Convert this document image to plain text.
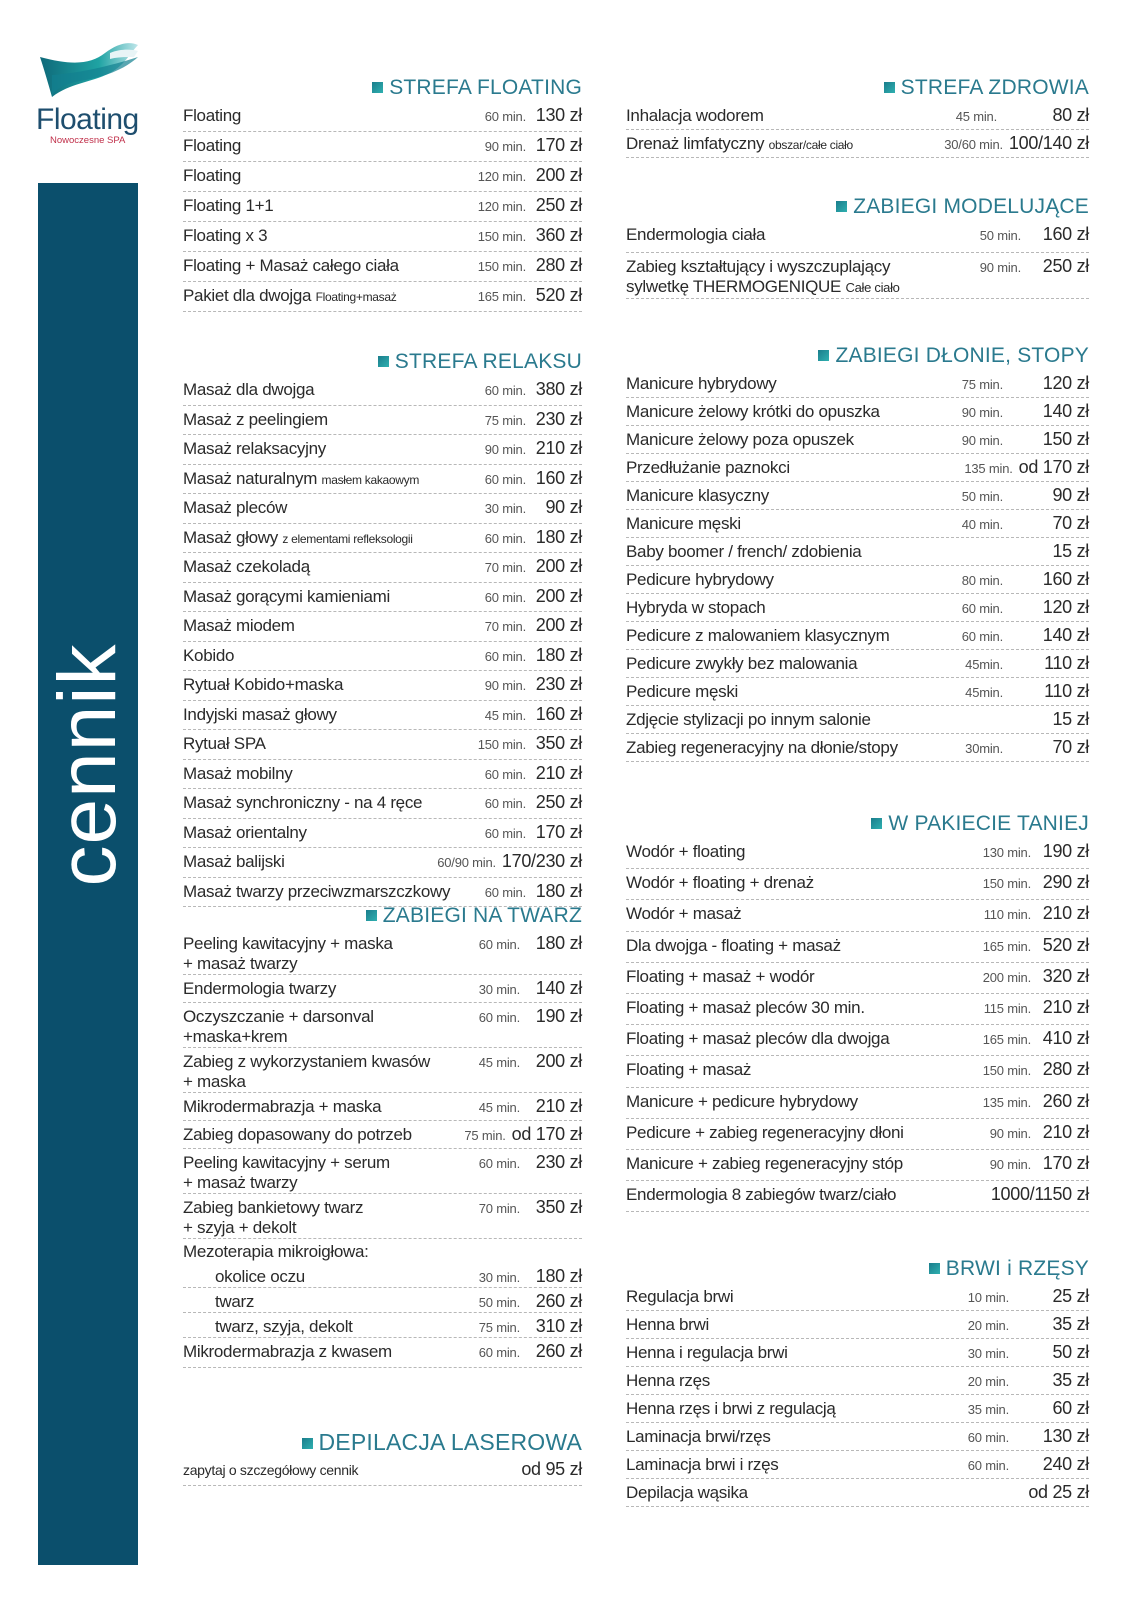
Floating
Nowoczesne SPA
cennik
STREFA FLOATING
Floating	60 min. 130 zł
Floating	90 min. 170 zł
Floating	120 min. 200 zł
Floating 1+1	120 min. 250 zł
Floating x 3	150 min. 360 zł
Floating + Masaż całego ciała	150 min. 280 zł
Pakiet dla dwojga Floating+masaż	165 min. 520 zł
STREFA RELAKSU
Masaż dla dwojga	60 min. 380 zł
Masaż z peelingiem	75 min. 230 zł
Masaż relaksacyjny	90 min. 210 zł
Masaż naturalnym masłem kakaowym	60 min. 160 zł
Masaż pleców	30 min.	90 zł
Masaż głowy z elementami refleksologii	60 min. 180 zł
Masaż czekoladą	70 min. 200 zł
Masaż gorącymi kamieniami	60 min. 200 zł
Masaż miodem	70 min. 200 zł
Kobido	60 min. 180 zł
Rytuał Kobido+maska	90 min. 230 zł
Indyjski masaż głowy	45 min. 160 zł
Rytuał SPA	150 min. 350 zł
Masaż mobilny	60 min. 210 zł
Masaż synchroniczny - na 4 ręce	60 min. 250 zł
Masaż orientalny	60 min. 170 zł
Masaż balijski	60/90 min. 170/230 zł
Masaż twarzy przeciwzmarszczkowy	60 min. 180 zł
ZABIEGI NA TWARZ
Peeling kawitacyjny + maska
+ masaż twarzy
60 min. 180 zł
Endermologia twarzy	30 min. 140 zł
Oczyszczanie + darsonval
+maska+krem
60 min. 190 zł
Zabieg z wykorzystaniem kwasów
+ maska
45 min. 200 zł
Mikrodermabrazja + maska	45 min. 210 zł
Zabieg dopasowany do potrzeb	75 min. od 170 zł
Peeling kawitacyjny + serum
+ masaż twarzy
60 min. 230 zł
Zabieg bankietowy twarz
+ szyja + dekolt
70 min. 350 zł
Mezoterapia mikroigłowa:
okolice oczu	30 min. 180 zł
twarz	50 min. 260 zł
twarz, szyja, dekolt	75 min. 310 zł
Mikrodermabrazja z kwasem	60 min. 260 zł
DEPILACJA LASEROWA
zapytaj o szczegółowy cennik	od 95 zł
STREFA ZDROWIA
Inhalacja wodorem	45 min.	80 zł
Drenaż limfatyczny obszar/całe ciało	30/60 min. 100/140 zł
ZABIEGI MODELUJĄCE
Endermologia ciała	50 min.	160 zł
Zabieg kształtujący i wyszczuplający
sylwetkę THERMOGENIQUE Całe ciało
90 min.	250 zł
ZABIEGI DŁONIE, STOPY
Manicure hybrydowy	75 min.	120 zł
Manicure żelowy krótki do opuszka	90 min.	140 zł
Manicure żelowy poza opuszek	90 min.	150 zł
Przedłużanie paznokci	135 min. od 170 zł
Manicure klasyczny	50 min.	90 zł
Manicure męski	40 min.	70 zł
Baby boomer / french/ zdobienia	15 zł
Pedicure hybrydowy	80 min.	160 zł
Hybryda w stopach	60 min.	120 zł
Pedicure z malowaniem klasycznym	60 min.	140 zł
Pedicure zwykły bez malowania	45min.	110 zł
Pedicure męski	45min.	110 zł
Zdjęcie stylizacji po innym salonie	15 zł
Zabieg regeneracyjny na dłonie/stopy	30min.	70 zł
W PAKIECIE TANIEJ
Wodór + floating	130 min. 190 zł
Wodór + floating + drenaż	150 min. 290 zł
Wodór + masaż	110 min. 210 zł
Dla dwojga - floating + masaż	165 min. 520 zł
Floating + masaż + wodór	200 min. 320 zł
Floating + masaż pleców 30 min.	115 min. 210 zł
Floating + masaż pleców dla dwojga	165 min. 410 zł
Floating + masaż	150 min. 280 zł
Manicure + pedicure hybrydowy	135 min. 260 zł
Pedicure + zabieg regeneracyjny dłoni	90 min. 210 zł
Manicure + zabieg regeneracyjny stóp	90 min. 170 zł
Endermologia 8 zabiegów twarz/ciało	1000/1150 zł
BRWI i RZĘSY
Regulacja brwi	10 min.	25 zł
Henna brwi	20 min.	35 zł
Henna i regulacja brwi	30 min.	50 zł
Henna rzęs	20 min.	35 zł
Henna rzęs i brwi z regulacją	35 min.	60 zł
Laminacja brwi/rzęs	60 min.	130 zł
Laminacja brwi i rzęs	60 min.	240 zł
Depilacja wąsika	od 25 zł
